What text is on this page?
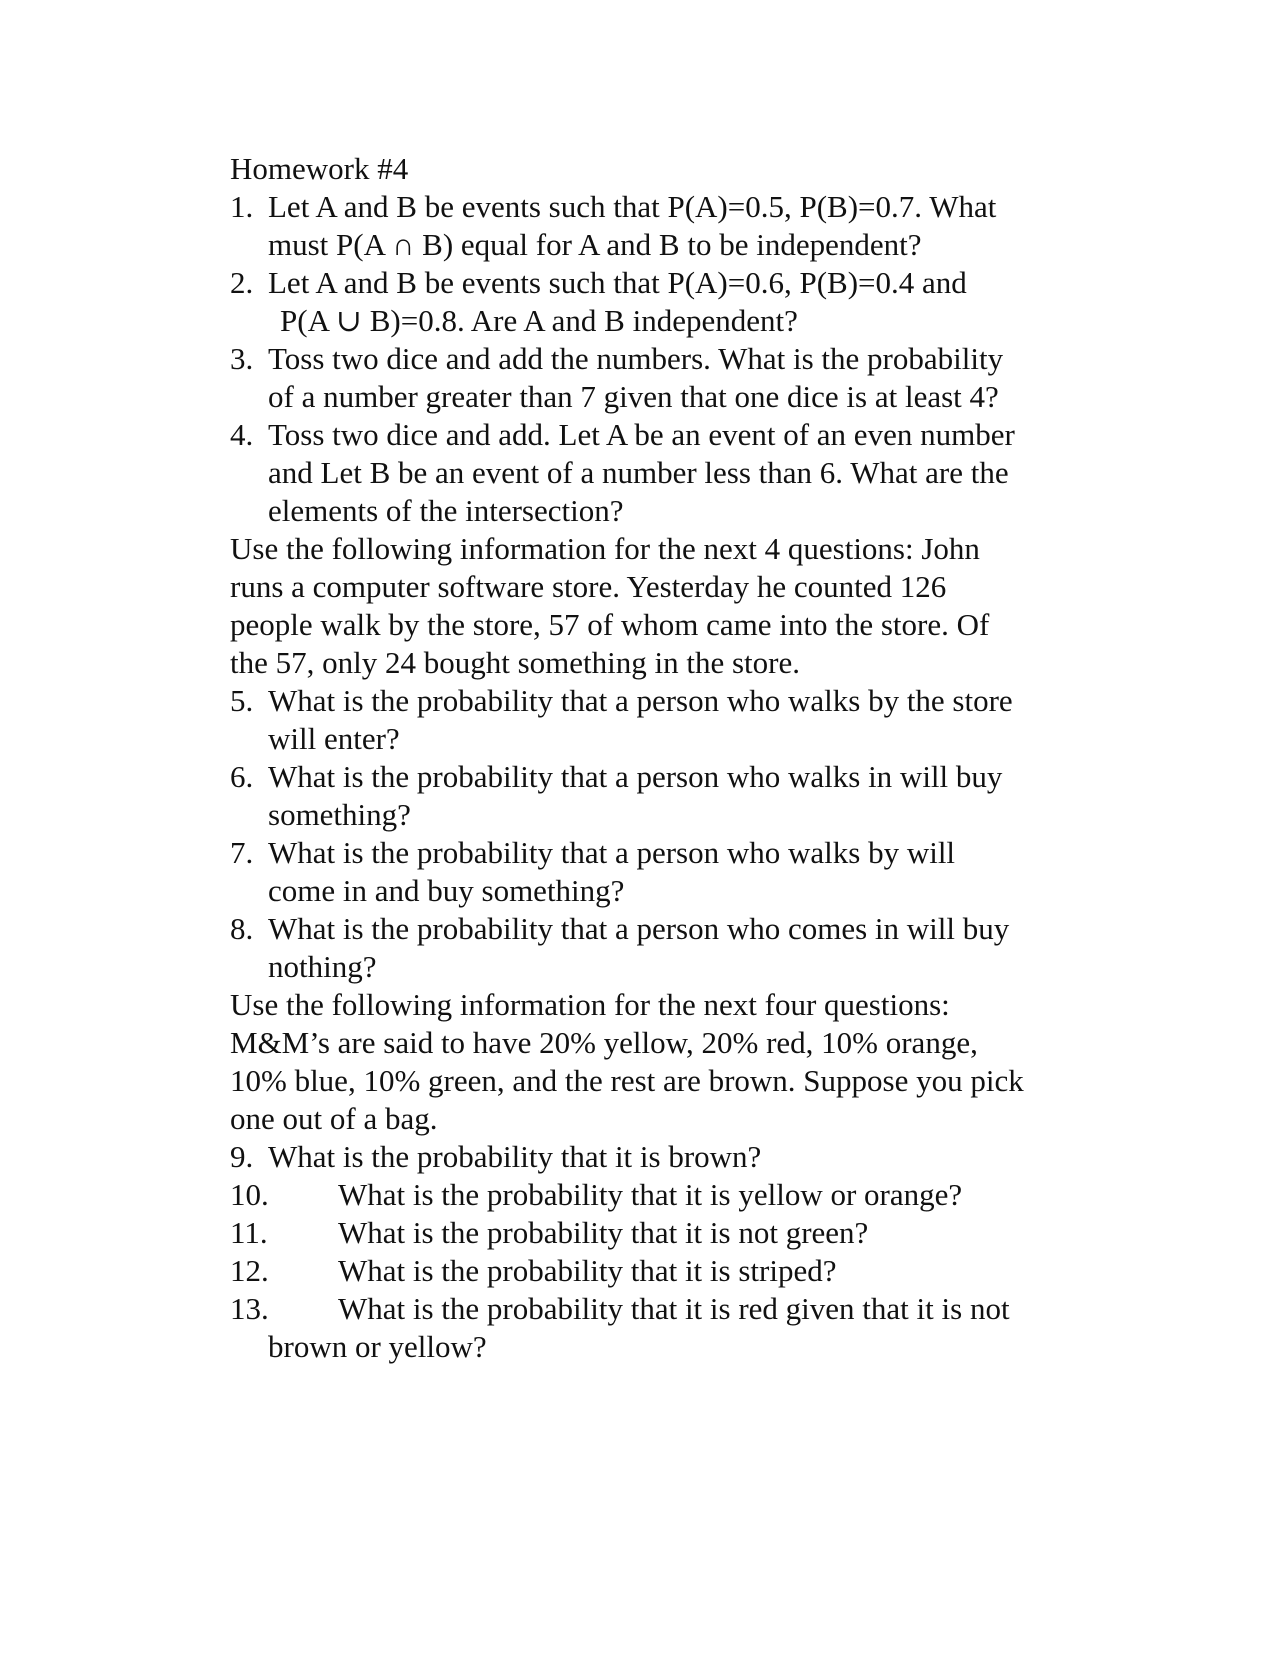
Homework #4
1. Let A and B be events such that P(A)=0.5, P(B)=0.7. What
must P(A ∩ B) equal for A and B to be independent?
2. Let A and B be events such that P(A)=0.6, P(B)=0.4 and
P(A ∪ B)=0.8. Are A and B independent?
3. Toss two dice and add the numbers. What is the probability
of a number greater than 7 given that one dice is at least 4?
4. Toss two dice and add. Let A be an event of an even number
and Let B be an event of a number less than 6. What are the
elements of the intersection?
Use the following information for the next 4 questions: John
runs a computer software store. Yesterday he counted 126
people walk by the store, 57 of whom came into the store. Of
the 57, only 24 bought something in the store.
5. What is the probability that a person who walks by the store
will enter?
6. What is the probability that a person who walks in will buy
something?
7. What is the probability that a person who walks by will
come in and buy something?
8. What is the probability that a person who comes in will buy
nothing?
Use the following information for the next four questions:
M&M’s are said to have 20% yellow, 20% red, 10% orange,
10% blue, 10% green, and the rest are brown. Suppose you pick
one out of a bag.
9. What is the probability that it is brown?
10. What is the probability that it is yellow or orange?
11. What is the probability that it is not green?
12. What is the probability that it is striped?
13. What is the probability that it is red given that it is not
brown or yellow?
